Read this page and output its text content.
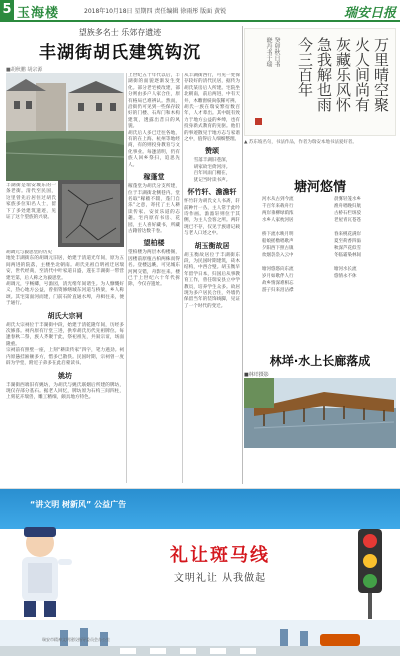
5 玉海楼	2018年10月18日 星期四 责任编辑 徐雨彤 版面 黄锐	瑞安日报
望族多名士 乐郊存遗迹
丰湖街胡氏建筑钩沉
■胡秋鹏 胡宗源
丰湖街是瑞安城东的一条老街。清代至民国，这里曾先后居住过胡氏家族多位知名人士，留下了多处建筑遗迹，见证了这个望族的兴衰。
胡调元与毅思堂的历史
地处丰湖街东的胡调元旧居，始建于清道光年间，原为五间两进的院落，主楼坐北朝南。胡氏先祖自明初迁居瑞安，世代经商，至清代中叶家道日盛，遂在丰湖街一带营建宅第，后人称之为毅思堂。
胡调元，字畅卿，号澹园，清光绪年间诸生。为人慷慨好义，热心地方公益，曾捐资修缮城东河道与桥梁，乡人称颂。其宅第面河而建，门前石阶直通水埠，舟楫往来，便于通行。
胡氏大宗祠
胡氏大宗祠位于丰湖街中段，始建于清乾隆年间，历经多次修葺。祠内原有厅堂三进，供奉胡氏历代先祖牌位。每逢春秋二祭，族人齐聚于此，祭祀祖先，共叙宗谊，场面隆重。
宗祠前有照壁一座，上刻“耕读传家”四字，笔力遒劲。祠内原悬挂匾额多方，惜多已散佚。民国时期，宗祠曾一度辟为学堂，附近子弟多在此启蒙读书。
姚坊
丰湖街西端旧有姚坊，为胡氏与姚氏联姻后所建的牌坊，现仅存部分基石。据老人回忆，牌坊原为石构三间四柱，上刻花卉瑞兽，雕工精细，颇具地方特色。
上世纪五十年代以后，丰湖街的面貌逐渐发生变化。部分老宅被改建，部分则由多户人家合住，原有格局已难辨认。然而，沿街仍可见到一些保存较好的门楼、石库门和木构建筑，透露出昔日的风貌。
胡氏后人多已迁往各地，有的在上海、杭州等地经商，有的则投身教育与文化事业。每逢清明，仍有族人回乡祭扫，追思先人。
稼蓬堂
稼蓬堂为胡氏分支所建，位于丰湖街北侧巷内。堂名取“稼穑不辍，蓬门自乐”之意，寄托了主人耕读传家、安贫乐道的志趣。宅内原有书房、花园，主人喜好藏书，所藏古籍曾达数千卷。
望柏楼
望柏楼为两层木构楼阁，因楼前原植古柏两株而得名。登楼远眺，可见城东河网交错，舟影往来。楼已于上世纪六十年代拆除，今仅存遗址。
从丰湖街西行，可见一处保存较好的清代民居，据传为胡氏某房后人所建。宅院坐北朝南，前后两进，中有天井，木雕窗棂尚依稀可辨。
胡氏一族在瑞安繁衍数百年，人才辈出。其中既有致力于地方公益的乡绅，也有投身新式教育的先驱。他们的事迹散见于地方志与家谱之中，值得后人细细整理。
赞颂
雪落丰湖旧巷深，
胡家故宅倚河浔。
百年风雨门楣在，
犹记当时读书声。
怀竹轩、澹澹轩
怀竹轩为胡氏文人书斋，轩前种竹一丛，主人常于此吟诗作画。澹澹轩则位于其侧，为主人会客之所。两轩现已不存，仅见于族谱记载与老人口述之中。
胡玉衡故居
胡玉衡故居位于丰湖街东段，为民国时期建筑，砖木结构，中西合璧。胡玉衡早年留学日本，归国后从事教育工作，曾任瑞安县立中学教员，培养学生众多。故居现为多户居民合住，外墙仍保留当年的装饰线脚，见证了一个时代的变迁。
万里晴空聚
火人间尚有
灰藏乐风怀
急我解也雨
今三百年
癸卯秋日书
晓丹书于瑞
▲ 苏东坡名句，书法作品，作者为瑞安本地书法爱好者。
塘河悠情
河水从古到今流
千百年来载舟行
两岸垂柳绿荫浓
水乡人家枕河居

桥下流水映月明
船娘摇橹唱歌声
夕阳西下照古镇
炊烟袅袅入云中

塘河悠悠向东流
岁月如歌伴人行
故乡情深难相忘
游子归来泪沾襟
晨雾轻笼水乡
渔舟唱晚归航
古桥石栏斑驳
老屋青瓦苍苍

春来桃花满岸
夏至荷香四溢
秋深芦花似雪
冬临霜染林间

塘河水长流
悠情永不休
林垟·水上长廊落成
■林垟摄影
“讲文明 树新风” 公益广告
礼让斑马线
文明礼让 从我做起
瑞安市精神文明建设指导委员会办公室
